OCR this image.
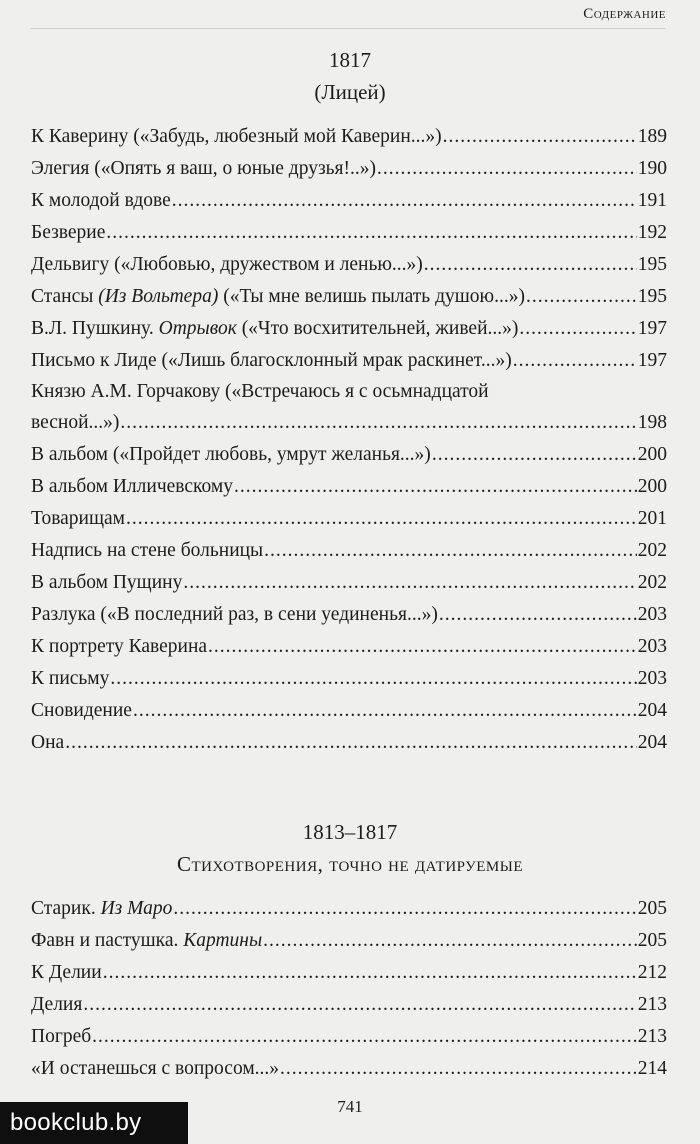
Содержание
1817
(Лицей)
К Каверину («Забудь, любезный мой Каверин...») .....	189
Элегия («Опять я ваш, о юные друзья!..») .....	190
К молодой вдове .....	191
Безверие .....	192
Дельвигу («Любовью, дружеством и ленью...») .....	195
Стансы (Из Вольтера) («Ты мне велишь пылать душою...») .....	195
В.Л. Пушкину. Отрывок («Что восхитительней, живей...») .....	197
Письмо к Лиде («Лишь благосклонный мрак раскинет...») .....	197
Князю А.М. Горчакову («Встречаюсь я с осьмнадцатой
весной...») .....	198
В альбом («Пройдет любовь, умрут желанья...») .....	200
В альбом Илличевскому .....	200
Товарищам .....	201
Надпись на стене больницы .....	202
В альбом Пущину .....	202
Разлука («В последний раз, в сени уединенья...») .....	203
К портрету Каверина .....	203
К письму .....	203
Сновидение .....	204
Она .....	204
1813–1817
Стихотворения, точно не датируемые
Старик. Из Маро .....	205
Фавн и пастушка. Картины .....	205
К Делии .....	212
Делия .....	213
Погреб .....	213
«И останешься с вопросом...» .....	214
741
bookclub.by
